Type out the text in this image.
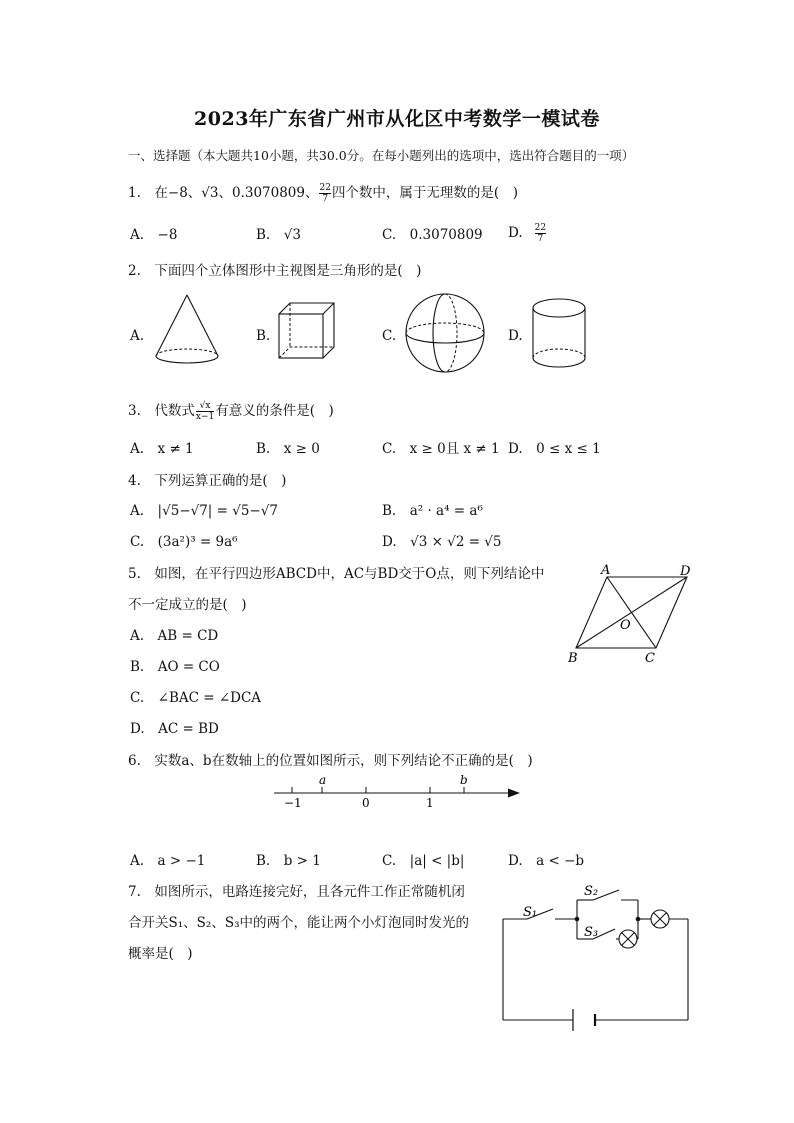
2023年广东省广州市从化区中考数学一模试卷
一、选择题（本大题共10小题，共30.0分。在每小题列出的选项中，选出符合题目的一项）
1.　在−8、√3、0.3070809、 $\frac{22}{7}$ 四个数中，属于无理数的是(　)
A.　−8	B.　√3	C.　0.3070809 D. $\frac{22}{7}$
2.　下面四个立体图形中主视图是三角形的是(　)
A.	B.	C.	D.
3.　代数式 $\frac{√x}{x-1}$ 有意义的条件是(　)
A.　x ≠ 1	B.　x ≥ 0	C.　x ≥ 0且 x ≠ 1 D.　0 ≤ x ≤ 1
4.　下列运算正确的是(　)
A.　|√5−√7| = √5−√7	B.　a² · a⁴ = a⁶
C.　(3a²)³ = 9a⁶	D.　√3 × √2 = √5
5.　如图，在平行四边形ABCD中，AC与BD交于O点，则下列结论中
不一定成立的是(　)
A.　AB = CD
B.　AO = CO
C.　∠BAC = ∠DCA
D.　AC = BD
A	D
O
B	C
6.　实数a、b在数轴上的位置如图所示，则下列结论不正确的是(　)
a	b
−1	0	1
A.　a > −1	B.　b > 1	C.　|a| < |b|	D.　a < −b
7.　如图所示，电路连接完好，且各元件工作正常随机闭
合开关S₁、S₂、S₃中的两个，能让两个小灯泡同时发光的
概率是(　)
S₁
S₂
S₃
